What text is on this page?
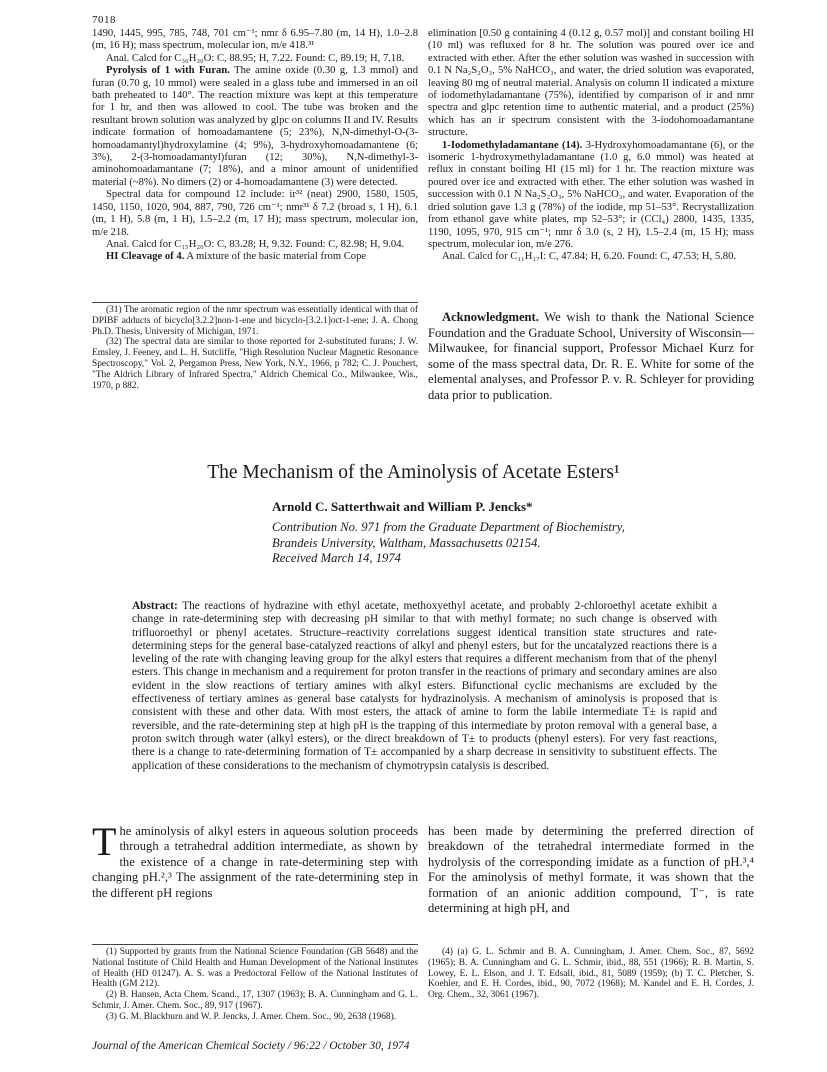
7018

1490, 1445, 995, 785, 748, 701 cm⁻¹; nmr δ 6.95–7.80 (m, 14 H), 1.0–2.8 (m, 16 H); mass spectrum, molecular ion, m/e 418.³¹

Anal. Calcd for C₃₀H₃₀O: C, 88.95; H, 7.22. Found: C, 89.19; H, 7.18.

Pyrolysis of 1 with Furan. The amine oxide (0.30 g, 1.3 mmol) and furan (0.70 g, 10 mmol) were sealed in a glass tube and immersed in an oil bath preheated to 140°. The reaction mixture was kept at this temperature for 1 hr, and then was allowed to cool. The tube was broken and the resultant brown solution was analyzed by glpc on columns II and IV. Results indicate formation of homoadamantene (5; 23%), N,N-dimethyl-O-(3-homoadamantyl)hydroxylamine (4; 9%), 3-hydroxyhomoadamantene (6; 3%), 2-(3-homoadamantyl)furan (12; 30%), N,N-dimethyl-3-aminohomoadamantane (7; 18%), and a minor amount of unidentified material (~8%). No dimers (2) or 4-homoadamantene (3) were detected.

Spectral data for compound 12 include: ir³² (neat) 2900, 1580, 1505, 1450, 1150, 1020, 904, 887, 790, 726 cm⁻¹; nmr³¹ δ 7.2 (broad s, 1 H), 6.1 (m, 1 H), 5.8 (m, 1 H), 1.5–2.2 (m, 17 H); mass spectrum, molecular ion, m/e 218.

Anal. Calcd for C₁₅H₂₀O: C, 83.28; H, 9.32. Found: C, 82.98; H, 9.04.

HI Cleavage of 4. A mixture of the basic material from Cope

(31) The aromatic region of the nmr spectrum was essentially identical with that of DPIBF adducts of bicyclo[3.2.2]non-1-ene and bicyclo-[3.2.1]oct-1-ene; J. A. Chong Ph.D. Thesis, University of Michigan, 1971.

(32) The spectral data are similar to those reported for 2-substituted furans; J. W. Emsley, J. Feeney, and L. H. Sutcliffe, "High Resolution Nuclear Magnetic Resonance Spectroscopy," Vol. 2, Pergamon Press, New York, N.Y., 1966, p 782; C. J. Pouchert, "The Aldrich Library of Infrared Spectra," Aldrich Chemical Co., Milwaukee, Wis., 1970, p 882.

elimination [0.50 g containing 4 (0.12 g, 0.57 mol)] and constant boiling HI (10 ml) was refluxed for 8 hr. The solution was poured over ice and extracted with ether. After the ether solution was washed in succession with 0.1 N Na₂S₂O₃, 5% NaHCO₃, and water, the dried solution was evaporated, leaving 80 mg of neutral material. Analysis on column II indicated a mixture of iodomethyladamantane (75%), identified by comparison of ir and nmr spectra and glpc retention time to authentic material, and a product (25%) which has an ir spectrum consistent with the 3-iodohomoadamantane structure.

1-Iodomethyladamantane (14). 3-Hydroxyhomoadamantane (6), or the isomeric 1-hydroxymethyladamantane (1.0 g, 6.0 mmol) was heated at reflux in constant boiling HI (15 ml) for 1 hr. The reaction mixture was poured over ice and extracted with ether. The ether solution was washed in succession with 0.1 N Na₂S₂O₃, 5% NaHCO₃, and water. Evaporation of the dried solution gave 1.3 g (78%) of the iodide, mp 51–53°. Recrystallization from ethanol gave white plates, mp 52–53°; ir (CCl₄) 2800, 1435, 1335, 1190, 1095, 970, 915 cm⁻¹; nmr δ 3.0 (s, 2 H), 1.5–2.4 (m, 15 H); mass spectrum, molecular ion, m/e 276.

Anal. Calcd for C₁₁H₁₇I: C, 47.84; H, 6.20. Found: C, 47.53; H, 5.80.

Acknowledgment. We wish to thank the National Science Foundation and the Graduate School, University of Wisconsin—Milwaukee, for financial support, Professor Michael Kurz for some of the mass spectral data, Dr. R. E. White for some of the elemental analyses, and Professor P. v. R. Schleyer for providing data prior to publication.

The Mechanism of the Aminolysis of Acetate Esters¹
Arnold C. Satterthwait and William P. Jencks*
Contribution No. 971 from the Graduate Department of Biochemistry,
Brandeis University, Waltham, Massachusetts 02154.
Received March 14, 1974
Abstract: The reactions of hydrazine with ethyl acetate, methoxyethyl acetate, and probably 2-chloroethyl acetate exhibit a change in rate-determining step with decreasing pH similar to that with methyl formate; no such change is observed with trifluoroethyl or phenyl acetates. Structure–reactivity correlations suggest identical transition state structures and rate-determining steps for the general base-catalyzed reactions of alkyl and phenyl esters, but for the uncatalyzed reactions there is a leveling of the rate with changing leaving group for the alkyl esters that requires a different mechanism from that of the phenyl esters. This change in mechanism and a requirement for proton transfer in the reactions of primary and secondary amines are also evident in the slow reactions of tertiary amines with alkyl esters. Bifunctional cyclic mechanisms are excluded by the effectiveness of tertiary amines as general base catalysts for hydrazinolysis. A mechanism of aminolysis is proposed that is consistent with these and other data. With most esters, the attack of amine to form the labile intermediate T± is rapid and reversible, and the rate-determining step at high pH is the trapping of this intermediate by proton removal with a general base, a proton switch through water (alkyl esters), or the direct breakdown of T± to products (phenyl esters). For very fast reactions, there is a change to rate-determining formation of T± accompanied by a sharp decrease in sensitivity to substituent effects. The application of these considerations to the mechanism of chymotrypsin catalysis is described.
The aminolysis of alkyl esters in aqueous solution proceeds through a tetrahedral addition intermediate, as shown by the existence of a change in rate-determining step with changing pH.²,³ The assignment of the rate-determining step in the different pH regions

(1) Supported by grants from the National Science Foundation (GB 5648) and the National Institute of Child Health and Human Development of the National Institutes of Health (HD 01247). A. S. was a Predoctoral Fellow of the National Institutes of Health (GM 212).

(2) B. Hansen, Acta Chem. Scand., 17, 1307 (1963); B. A. Cunningham and G. L. Schmir, J. Amer. Chem. Soc., 89, 917 (1967).

(3) G. M. Blackburn and W. P. Jencks, J. Amer. Chem. Soc., 90, 2638 (1968).

has been made by determining the preferred direction of breakdown of the tetrahedral intermediate formed in the hydrolysis of the corresponding imidate as a function of pH.³,⁴ For the aminolysis of methyl formate, it was shown that the formation of an anionic addition compound, T⁻, is rate determining at high pH, and

(4) (a) G. L. Schmir and B. A. Cunningham, J. Amer. Chem. Soc., 87, 5692 (1965); B. A. Cunningham and G. L. Schmir, ibid., 88, 551 (1966); R. B. Martin, S. Lowey, E. L. Elson, and J. T. Edsall, ibid., 81, 5089 (1959); (b) T. C. Pletcher, S. Koehler, and E. H. Cordes, ibid., 90, 7072 (1968); M. Kandel and E. H. Cordes, J. Org. Chem., 32, 3061 (1967).

Journal of the American Chemical Society / 96:22 / October 30, 1974
